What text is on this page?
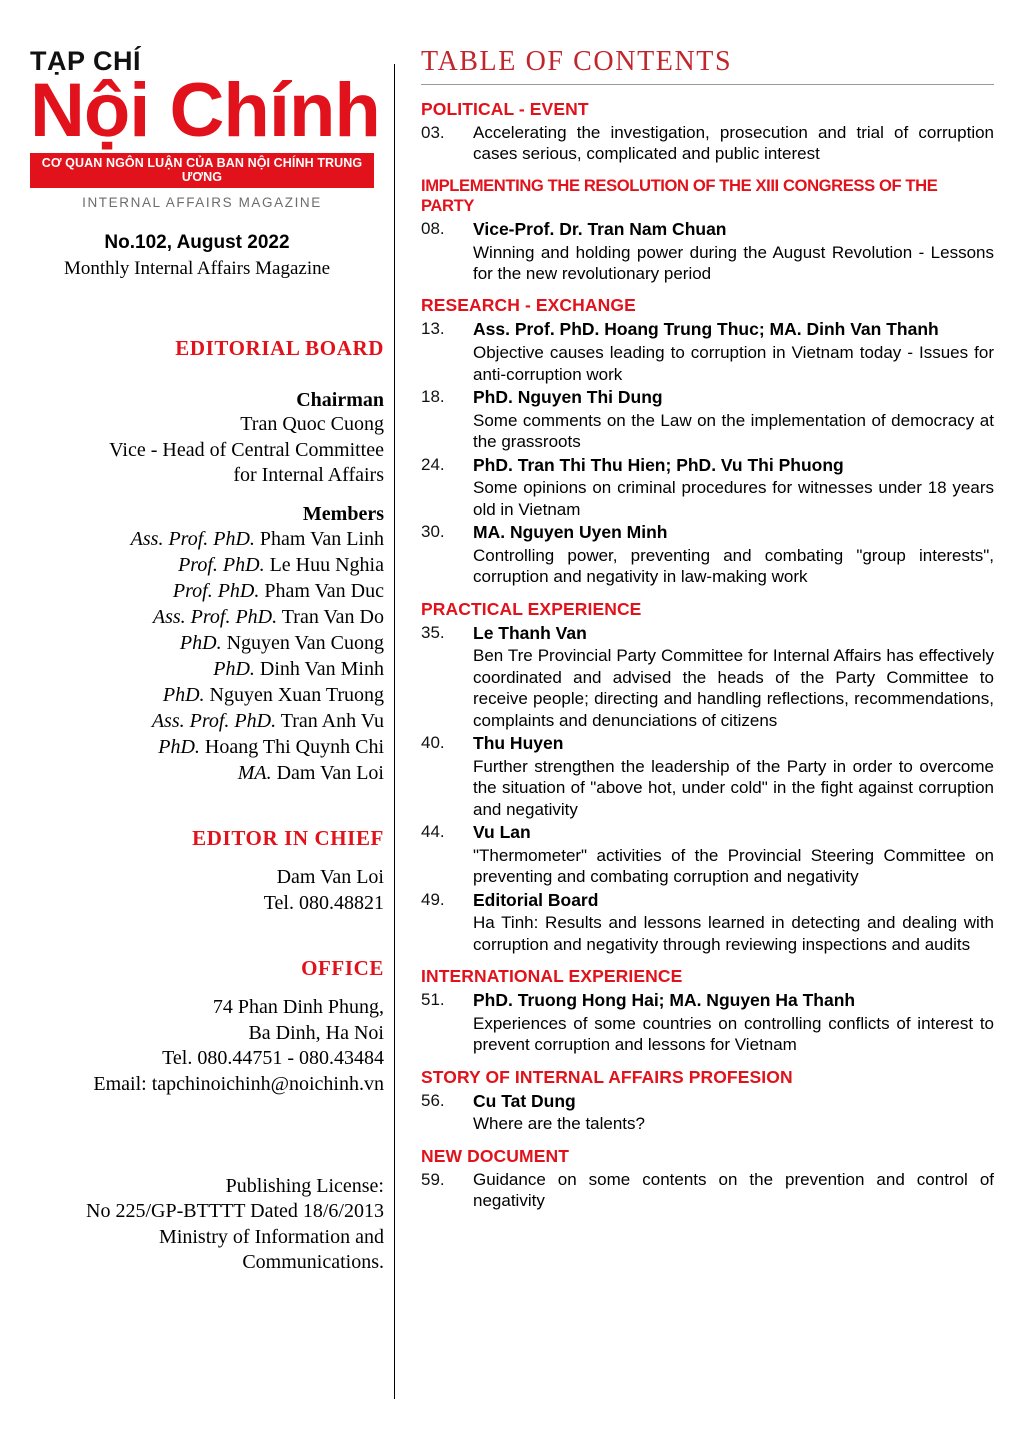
TẠP CHÍ
Nội Chính
CƠ QUAN NGÔN LUẬN CỦA BAN NỘI CHÍNH TRUNG ƯƠNG
INTERNAL AFFAIRS MAGAZINE
No.102, August 2022
Monthly Internal Affairs Magazine
EDITORIAL BOARD
Chairman
Tran Quoc Cuong
Vice - Head of Central Committee
for Internal Affairs
Members
Ass. Prof. PhD. Pham Van Linh
Prof. PhD. Le Huu Nghia
Prof. PhD. Pham Van Duc
Ass. Prof. PhD. Tran Van Do
PhD. Nguyen Van Cuong
PhD. Dinh Van Minh
PhD. Nguyen Xuan Truong
Ass. Prof. PhD. Tran Anh Vu
PhD. Hoang Thi Quynh Chi
MA. Dam Van Loi
EDITOR IN CHIEF
Dam Van Loi
Tel. 080.48821
OFFICE
74 Phan Dinh Phung,
Ba Dinh, Ha Noi
Tel. 080.44751 - 080.43484
Email: tapchinoichinh@noichinh.vn
Publishing License:
No 225/GP-BTTTT Dated 18/6/2013
Ministry of Information and
Communications.
TABLE OF CONTENTS
POLITICAL - EVENT
03.	Accelerating the investigation, prosecution and trial of corruption cases serious, complicated and public interest
IMPLEMENTING THE RESOLUTION OF THE XIII CONGRESS OF THE PARTY
08.	Vice-Prof. Dr. Tran Nam Chuan
Winning and holding power during the August Revolution - Lessons for the new revolutionary period
RESEARCH - EXCHANGE
13.	Ass. Prof. PhD. Hoang Trung Thuc; MA. Dinh Van Thanh
Objective causes leading to corruption in Vietnam today - Issues for anti-corruption work
18.	PhD. Nguyen Thi Dung
Some comments on the Law on the implementation of democracy at the grassroots
24.	PhD. Tran Thi Thu Hien; PhD. Vu Thi Phuong
Some opinions on criminal procedures for witnesses under 18 years old in Vietnam
30.	MA. Nguyen Uyen Minh
Controlling power, preventing and combating "group interests", corruption and negativity in law-making work
PRACTICAL EXPERIENCE
35.	Le Thanh Van
Ben Tre Provincial Party Committee for Internal Affairs has effectively coordinated and advised the heads of the Party Committee to receive people; directing and handling reflections, recommendations, complaints and denunciations of citizens
40.	Thu Huyen
Further strengthen the leadership of the Party in order to overcome the situation of "above hot, under cold" in the fight against corruption and negativity
44.	Vu Lan
"Thermometer" activities of the Provincial Steering Committee on preventing and combating corruption and negativity
49.	Editorial Board
Ha Tinh: Results and lessons learned in detecting and dealing with corruption and negativity through reviewing inspections and audits
INTERNATIONAL EXPERIENCE
51.	PhD. Truong Hong Hai; MA. Nguyen Ha Thanh
Experiences of some countries on controlling conflicts of interest to prevent corruption and lessons for Vietnam
STORY OF INTERNAL AFFAIRS PROFESION
56.	Cu Tat Dung
Where are the talents?
NEW DOCUMENT
59.	Guidance on some contents on the prevention and control of negativity
